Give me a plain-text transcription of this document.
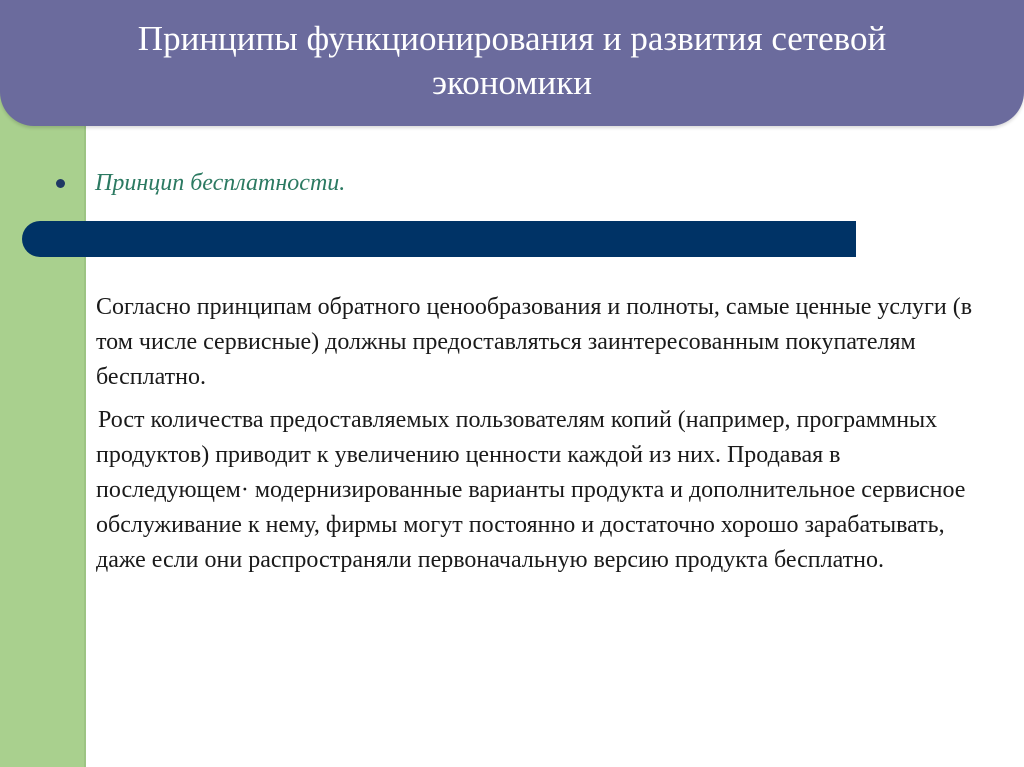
Принципы функционирования и развития сетевой
экономики
Принцип бесплатности.

Согласно принципам обратного ценообразования и полноты, самые ценные услуги (в том числе сервисные) должны предоставляться заинтересованным покупателям бесплатно.

Рост количества предоставляемых пользователям копий (например, программных продуктов) приводит к увеличению ценности каждой из них. Продавая в последующем· модернизированные варианты продукта и дополнительное сервисное обслуживание к нему, фирмы могут постоянно и достаточно хорошо зарабатывать, даже если они распространяли первоначальную версию продукта бесплатно.
